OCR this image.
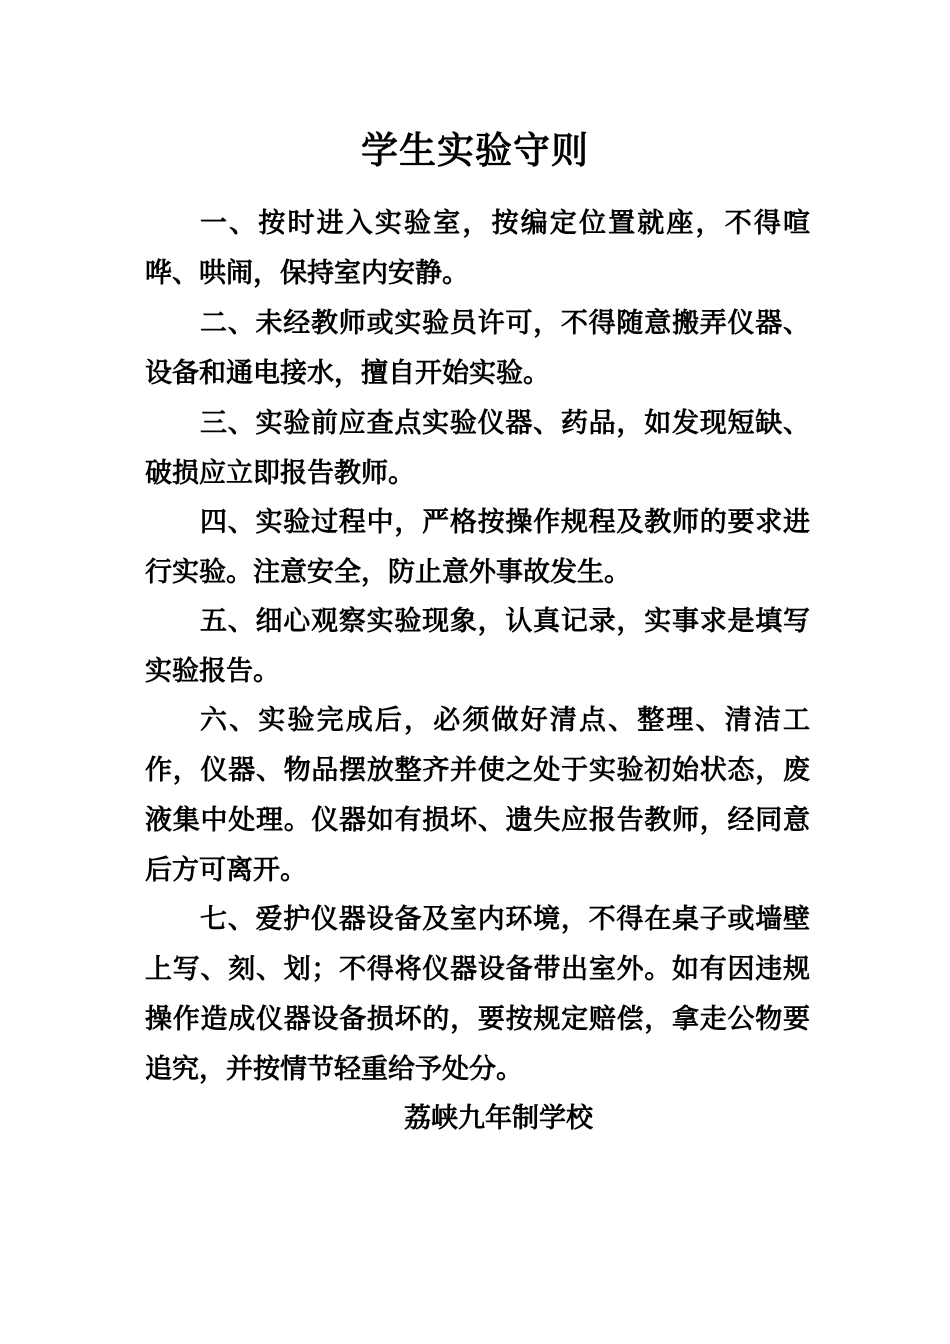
学生实验守则

一、按时进入实验室，按编定位置就座，不得喧哗、哄闹，保持室内安静。

二、未经教师或实验员许可，不得随意搬弄仪器、设备和通电接水，擅自开始实验。

三、实验前应查点实验仪器、药品，如发现短缺、破损应立即报告教师。

四、实验过程中，严格按操作规程及教师的要求进行实验。注意安全，防止意外事故发生。

五、细心观察实验现象，认真记录，实事求是填写实验报告。

六、实验完成后，必须做好清点、整理、清洁工作，仪器、物品摆放整齐并使之处于实验初始状态，废液集中处理。仪器如有损坏、遗失应报告教师，经同意后方可离开。

七、爱护仪器设备及室内环境，不得在桌子或墙壁上写、刻、划；不得将仪器设备带出室外。如有因违规操作造成仪器设备损坏的，要按规定赔偿，拿走公物要追究，并按情节轻重给予处分。

荔峡九年制学校
